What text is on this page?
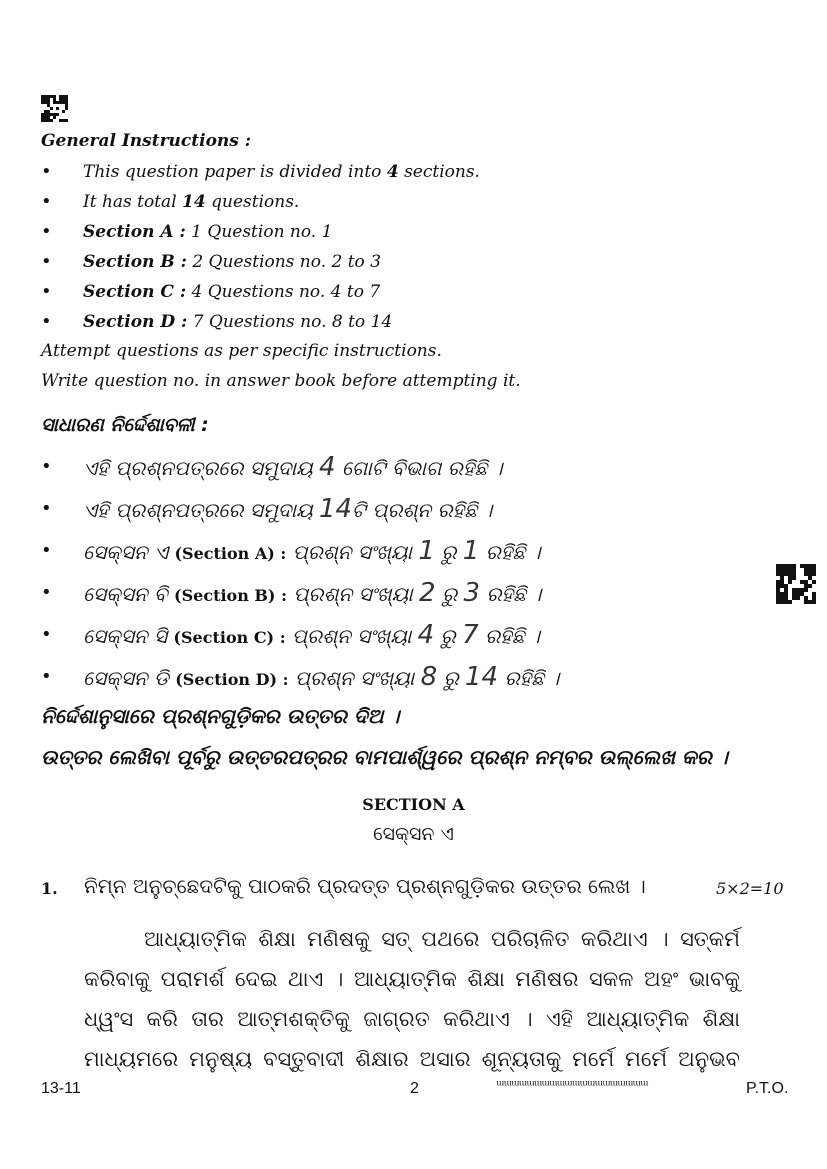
General Instructions :
• This question paper is divided into 4 sections.
• It has total 14 questions.
• Section A : 1 Question no. 1
• Section B : 2 Questions no. 2 to 3
• Section C : 4 Questions no. 4 to 7
• Section D : 7 Questions no. 8 to 14
Attempt questions as per specific instructions.
Write question no. in answer book before attempting it.
ସାଧାରଣ ନିର୍ଦ୍ଦେଶାବଳୀ :
• ଏହି ପ୍ରଶ୍ନପତ୍ରରେ ସମୁଦାୟ 4 ଗୋଟି ବିଭାଗ ରହିଛି ।
• ଏହି ପ୍ରଶ୍ନପତ୍ରରେ ସମୁଦାୟ 14ଟି ପ୍ରଶ୍ନ ରହିଛି ।
• ସେକ୍ସନ ଏ (Section A) : ପ୍ରଶ୍ନ ସଂଖ୍ୟା 1 ରୁ 1 ରହିଛି ।
• ସେକ୍ସନ ବି (Section B) : ପ୍ରଶ୍ନ ସଂଖ୍ୟା 2 ରୁ 3 ରହିଛି ।
• ସେକ୍ସନ ସି (Section C) : ପ୍ରଶ୍ନ ସଂଖ୍ୟା 4 ରୁ 7 ରହିଛି ।
• ସେକ୍ସନ ଡି (Section D) : ପ୍ରଶ୍ନ ସଂଖ୍ୟା 8 ରୁ 14 ରହିଛି ।
ନିର୍ଦ୍ଦେଶାନୁସାରେ ପ୍ରଶ୍ନଗୁଡ଼ିକର ଉତ୍ତର ଦିଅ ।
ଉତ୍ତର ଲେଖିବା ପୂର୍ବରୁ ଉତ୍ତରପତ୍ରର ବାମପାର୍ଶ୍ୱରେ ପ୍ରଶ୍ନ ନମ୍ବର ଉଲ୍ଲେଖ କର ।
SECTION A
ସେକ୍ସନ ଏ
1. ନିମ୍ନ ଅନୁଚ୍ଛେଦଟିକୁ ପାଠକରି ପ୍ରଦତ୍ତ ପ୍ରଶ୍ନଗୁଡ଼ିକର ଉତ୍ତର ଲେଖ ।	5×2=10
ଆଧ୍ୟାତ୍ମିକ ଶିକ୍ଷା ମଣିଷକୁ ସତ୍ ପଥରେ ପରିଚାଳିତ କରିଥାଏ । ସତ୍କର୍ମ
କରିବାକୁ ପରାମର୍ଶ ଦେଇ ଥାଏ । ଆଧ୍ୟାତ୍ମିକ ଶିକ୍ଷା ମଣିଷର ସକଳ ଅହଂ ଭାବକୁ
ଧ୍ୱଂସ କରି ତାର ଆତ୍ମଶକ୍ତିକୁ ଜାଗ୍ରତ କରିଥାଏ । ଏହି ଆଧ୍ୟାତ୍ମିକ ଶିକ୍ଷା
ମାଧ୍ୟମରେ ମନୁଷ୍ୟ ବସ୍ତୁବାଦୀ ଶିକ୍ଷାର ଅସାର ଶୂନ୍ୟତାକୁ ମର୍ମେ ମର୍ମେ ଅନୁଭବ
13-11	2	ᵚᵚᵚᵚᵚᵚᵚᵚᵚᵚᵚᵚᵚᵚᵚᵚᵚᵚᵚᵚ	P.T.O.
